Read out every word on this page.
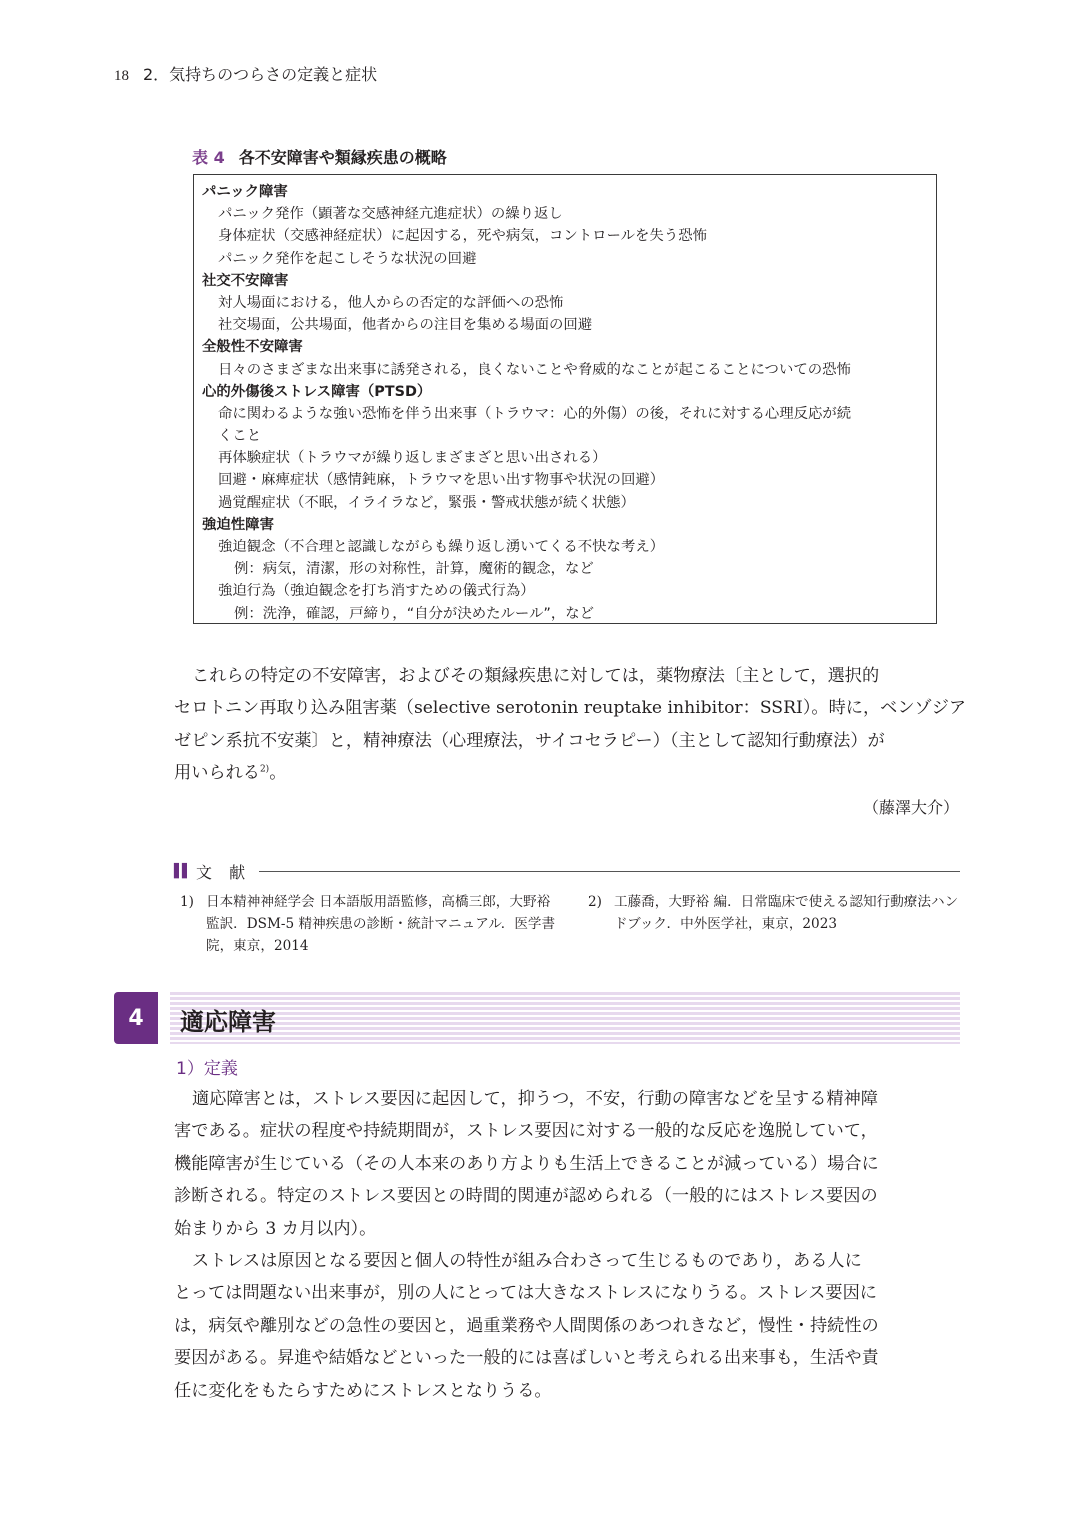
18 2．気持ちのつらさの定義と症状
表 4 各不安障害や類縁疾患の概略
パニック障害
パニック発作（顕著な交感神経亢進症状）の繰り返し
身体症状（交感神経症状）に起因する，死や病気，コントロールを失う恐怖
パニック発作を起こしそうな状況の回避
社交不安障害
対人場面における，他人からの否定的な評価への恐怖
社交場面，公共場面，他者からの注目を集める場面の回避
全般性不安障害
日々のさまざまな出来事に誘発される，良くないことや脅威的なことが起こることについての恐怖
心的外傷後ストレス障害（PTSD）
命に関わるような強い恐怖を伴う出来事（トラウマ：心的外傷）の後，それに対する心理反応が続
くこと
再体験症状（トラウマが繰り返しまざまざと思い出される）
回避・麻痺症状（感情鈍麻，トラウマを思い出す物事や状況の回避）
過覚醒症状（不眠，イライラなど，緊張・警戒状態が続く状態）
強迫性障害
強迫観念（不合理と認識しながらも繰り返し湧いてくる不快な考え）
例：病気，清潔，形の対称性，計算，魔術的観念，など
強迫行為（強迫観念を打ち消すための儀式行為）
例：洗浄，確認，戸締り，“自分が決めたルール”，など
これらの特定の不安障害，およびその類縁疾患に対しては，薬物療法〔主として，選択的
セロトニン再取り込み阻害薬（selective serotonin reuptake inhibitor：SSRI）。時に，ベンゾジア
ゼピン系抗不安薬〕と，精神療法（心理療法，サイコセラピー）（主として認知行動療法）が
用いられる$^{2)}$。
（藤澤大介）
▌▌ 文 献
1) 日本精神神経学会 日本語版用語監修，高橋三郎，大野裕 監訳．DSM-5 精神疾患の診断・統計マニュアル．医学書院，東京，2014
2) 工藤喬，大野裕 編．日常臨床で使える認知行動療法ハンドブック．中外医学社，東京，2023
4	適応障害
1）定義
適応障害とは，ストレス要因に起因して，抑うつ，不安，行動の障害などを呈する精神障
害である。症状の程度や持続期間が，ストレス要因に対する一般的な反応を逸脱していて，
機能障害が生じている（その人本来のあり方よりも生活上できることが減っている）場合に
診断される。特定のストレス要因との時間的関連が認められる（一般的にはストレス要因の
始まりから 3 カ月以内）。
ストレスは原因となる要因と個人の特性が組み合わさって生じるものであり，ある人に
とっては問題ない出来事が，別の人にとっては大きなストレスになりうる。ストレス要因に
は，病気や離別などの急性の要因と，過重業務や人間関係のあつれきなど，慢性・持続性の
要因がある。昇進や結婚などといった一般的には喜ばしいと考えられる出来事も，生活や責
任に変化をもたらすためにストレスとなりうる。
